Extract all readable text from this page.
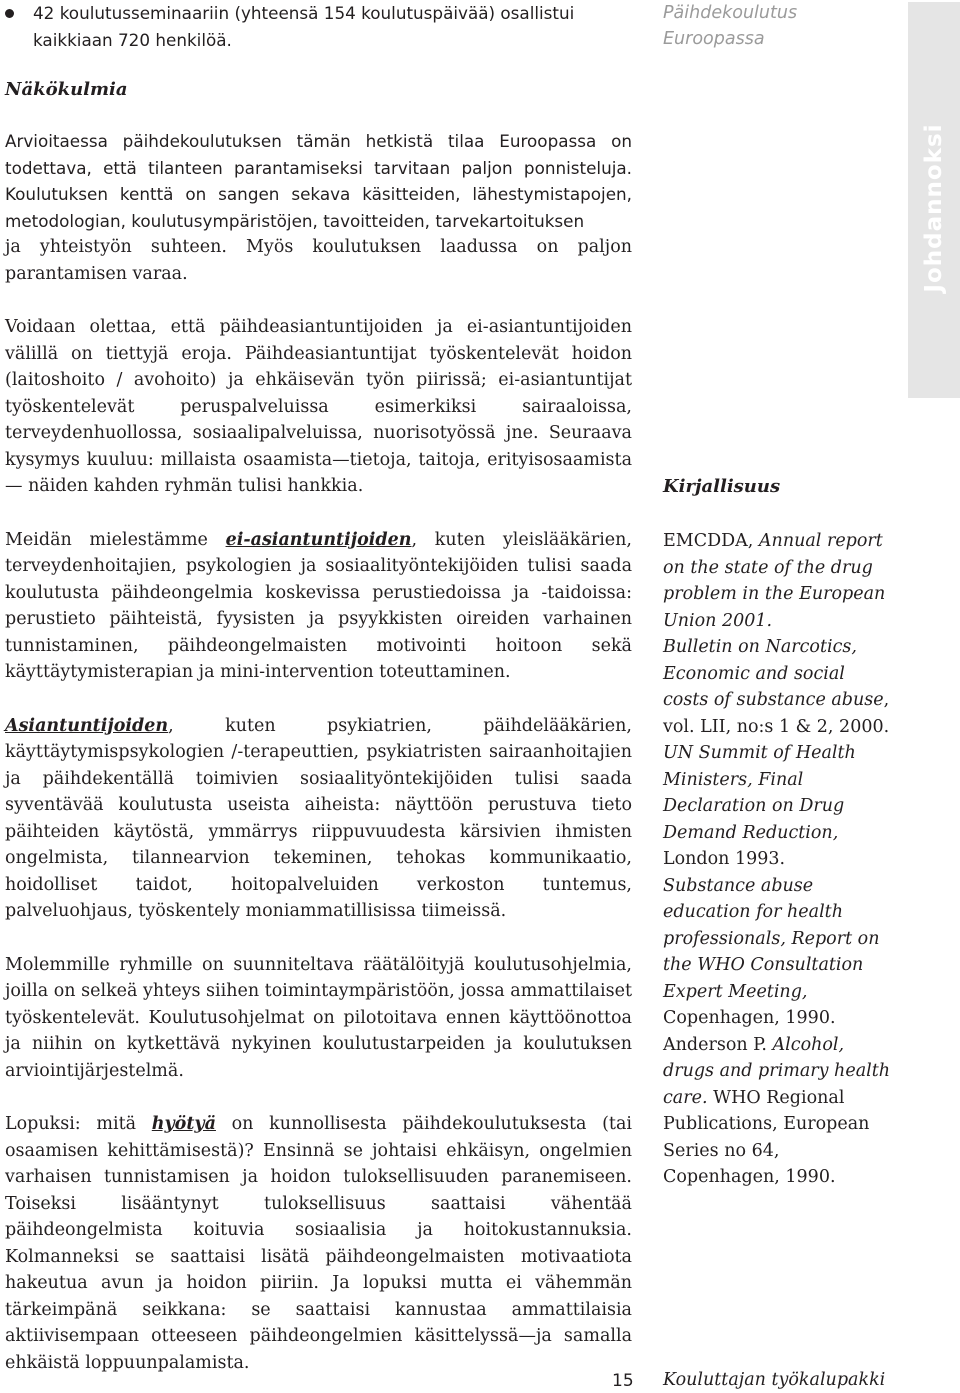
42 koulutusseminaariin (yhteensä 154 koulutuspäivää) osallistui kaikkiaan 720 henkilöä.

Näkökulmia

Arvioitaessa päihdekoulutuksen tämän hetkistä tilaa Euroopassa on todettava, että tilanteen parantamiseksi tarvitaan paljon ponnisteluja. Koulutuksen kenttä on sangen sekava käsitteiden, lähestymistapojen, metodologian, koulutusympäristöjen, tavoitteiden, tarvekartoituksen

ja yhteistyön suhteen. Myös koulutuksen laadussa on paljon parantamisen varaa.

Voidaan olettaa, että päihdeasiantuntijoiden ja ei-asiantuntijoiden välillä on tiettyjä eroja. Päihdeasiantuntijat työskentelevät hoidon (laitoshoito / avohoito) ja ehkäisevän työn piirissä; ei-asiantuntijat työskentelevät peruspalveluissa esimerkiksi sairaaloissa, terveydenhuollossa, sosiaalipalveluissa, nuorisotyössä jne. Seuraava kysymys kuuluu: millaista osaamista—tietoja, taitoja, erityisosaamista— näiden kahden ryhmän tulisi hankkia.

Meidän mielestämme ei-asiantuntijoiden, kuten yleislääkärien, terveydenhoitajien, psykologien ja sosiaalityöntekijöiden tulisi saada koulutusta päihdeongelmia koskevissa perustiedoissa ja -taidoissa: perustieto päihteistä, fyysisten ja psyykkisten oireiden varhainen tunnistaminen, päihdeongelmaisten motivointi hoitoon sekä käyttäytymisterapian ja mini-intervention toteuttaminen.

Asiantuntijoiden, kuten psykiatrien, päihdelääkärien, käyttäytymispsykologien /-terapeuttien, psykiatristen sairaanhoitajien ja päihdekentällä toimivien sosiaalityöntekijöiden tulisi saada syventävää koulutusta useista aiheista: näyttöön perustuva tieto päihteiden käytöstä, ymmärrys riippuvuudesta kärsivien ihmisten ongelmista, tilannearvion tekeminen, tehokas kommunikaatio, hoidolliset taidot, hoitopalveluiden verkoston tuntemus, palveluohjaus, työskentely moniammatillisissa tiimeissä.

Molemmille ryhmille on suunniteltava räätälöityjä koulutusohjelmia, joilla on selkeä yhteys siihen toimintaympäristöön, jossa ammattilaiset työskentelevät. Koulutusohjelmat on pilotoitava ennen käyttöönottoa ja niihin on kytkettävä nykyinen koulutustarpeiden ja koulutuksen arviointijärjestelmä.

Lopuksi: mitä hyötyä on kunnollisesta päihdekoulutuksesta (tai osaamisen kehittämisestä)? Ensinnä se johtaisi ehkäisyn, ongelmien varhaisen tunnistamisen ja hoidon tuloksellisuuden paranemiseen. Toiseksi lisääntynyt tuloksellisuus saattaisi vähentää päihdeongelmista koituvia sosiaalisia ja hoitokustannuksia. Kolmanneksi se saattaisi lisätä päihdeongelmaisten motivaatiota hakeutua avun ja hoidon piiriin. Ja lopuksi mutta ei vähemmän tärkeimpänä seikkana: se saattaisi kannustaa ammattilaisia aktiivisempaan otteeseen päihdeongelmien käsittelyssä—ja samalla ehkäistä loppuunpalamista.

Päihdekoulutus
Euroopassa
Johdannoksi
Kirjallisuus

EMCDDA, Annual report on the state of the drug problem in the European Union 2001.

Bulletin on Narcotics, Economic and social costs of substance abuse, vol. LII, no:s 1 & 2, 2000.

UN Summit of Health Ministers, Final Declaration on Drug Demand Reduction, London 1993.

Substance abuse education for health professionals, Report on the WHO Consultation Expert Meeting, Copenhagen, 1990.

Anderson P. Alcohol, drugs and primary health care. WHO Regional Publications, European Series no 64, Copenhagen, 1990.

15 Kouluttajan työkalupakki
